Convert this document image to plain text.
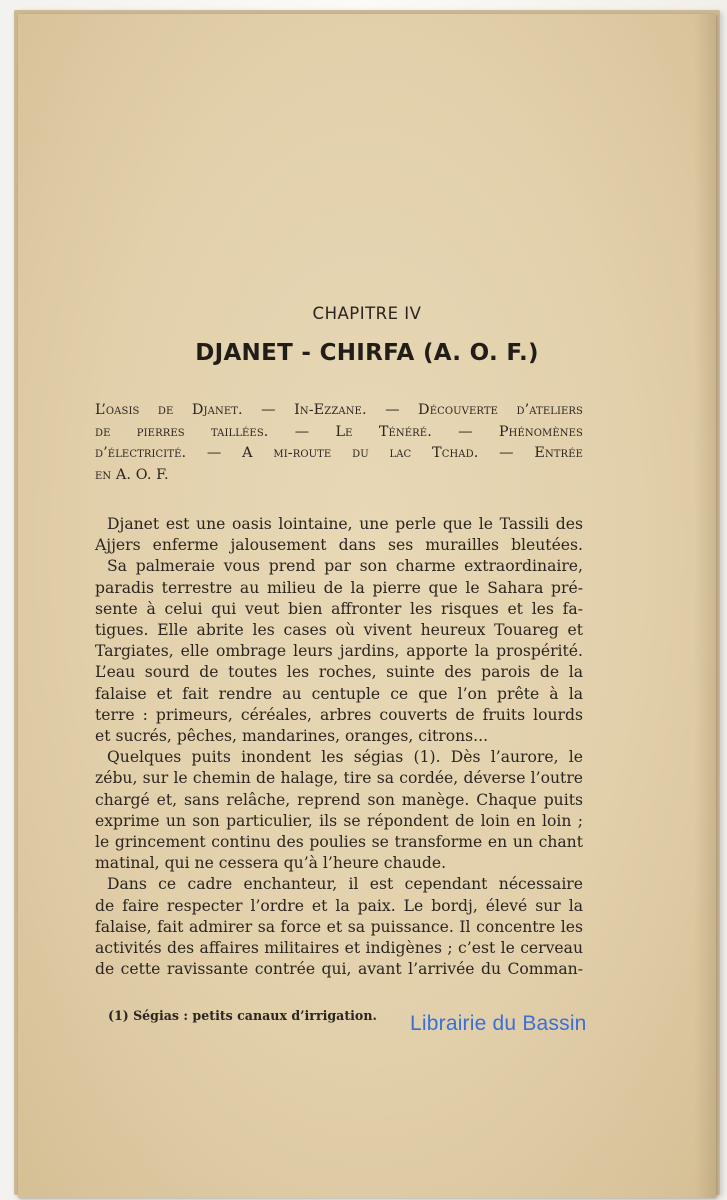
CHAPITRE IV
DJANET - CHIRFA (A. O. F.)
L’oasis de Djanet. — In-Ezzane. — Découverte d’ateliers
de pierres taillées. — Le Ténéré. — Phénomènes
d’électricité. — A mi-route du lac Tchad. — Entrée
en A. O. F.
Djanet est une oasis lointaine, une perle que le Tassili des
Ajjers enferme jalousement dans ses murailles bleutées.
Sa palmeraie vous prend par son charme extraordinaire,
paradis terrestre au milieu de la pierre que le Sahara pré-
sente à celui qui veut bien affronter les risques et les fa-
tigues. Elle abrite les cases où vivent heureux Touareg et
Targiates, elle ombrage leurs jardins, apporte la prospérité.
L’eau sourd de toutes les roches, suinte des parois de la
falaise et fait rendre au centuple ce que l’on prête à la
terre : primeurs, céréales, arbres couverts de fruits lourds
et sucrés, pêches, mandarines, oranges, citrons...
Quelques puits inondent les ségias (1). Dès l’aurore, le
zébu, sur le chemin de halage, tire sa cordée, déverse l’outre
chargé et, sans relâche, reprend son manège. Chaque puits
exprime un son particulier, ils se répondent de loin en loin ;
le grincement continu des poulies se transforme en un chant
matinal, qui ne cessera qu’à l’heure chaude.
Dans ce cadre enchanteur, il est cependant nécessaire
de faire respecter l’ordre et la paix. Le bordj, élevé sur la
falaise, fait admirer sa force et sa puissance. Il concentre les
activités des affaires militaires et indigènes ; c’est le cerveau
de cette ravissante contrée qui, avant l’arrivée du Comman-
(1) Ségias : petits canaux d’irrigation. Librairie du Bassin
